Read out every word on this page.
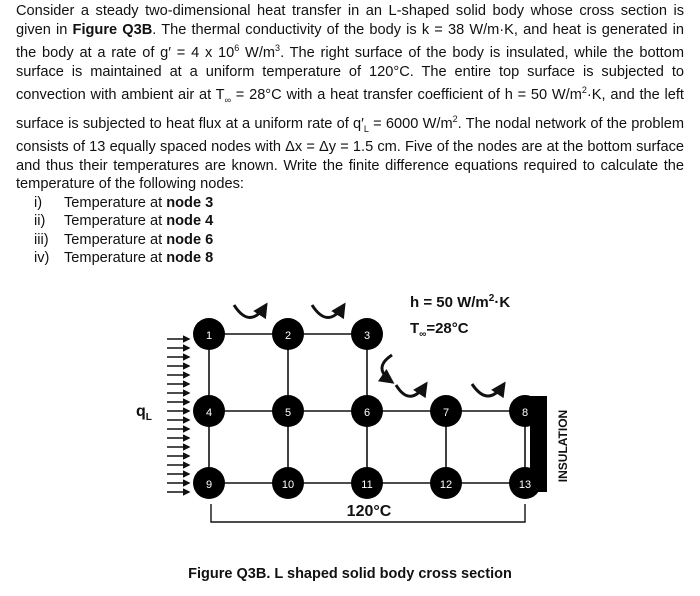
Consider a steady two-dimensional heat transfer in an L-shaped solid body whose cross section is given in Figure Q3B. The thermal conductivity of the body is k = 38 W/m·K, and heat is generated in the body at a rate of g′ = 4 x $10^6$ $W/m^3$. The right surface of the body is insulated, while the bottom surface is maintained at a uniform temperature of 120°C. The entire top surface is subjected to convection with ambient air at $T_\infty = 28^\circ C$ with a heat transfer coefficient of h = 50 $W/m^2\cdot K$, and the left surface is subjected to heat flux at a uniform rate of $q'_L = 6000$ $W/m^2$. The nodal network of the problem consists of 13 equally spaced nodes with Δx = Δy = 1.5 cm. Five of the nodes are at the bottom surface and thus their temperatures are known. Write the finite difference equations required to calculate the temperature of the following nodes:

i) Temperature at node 3
ii) Temperature at node 4
iii) Temperature at node 6
iv) Temperature at node 8
1	2	3
4	5	6	7	8
9	10	11	12	13
h = 50 $W/m^2\cdot K$
$T_\infty=28^\circ C$
$q_L$
120°C
INSULATION
Figure Q3B. L shaped solid body cross section
